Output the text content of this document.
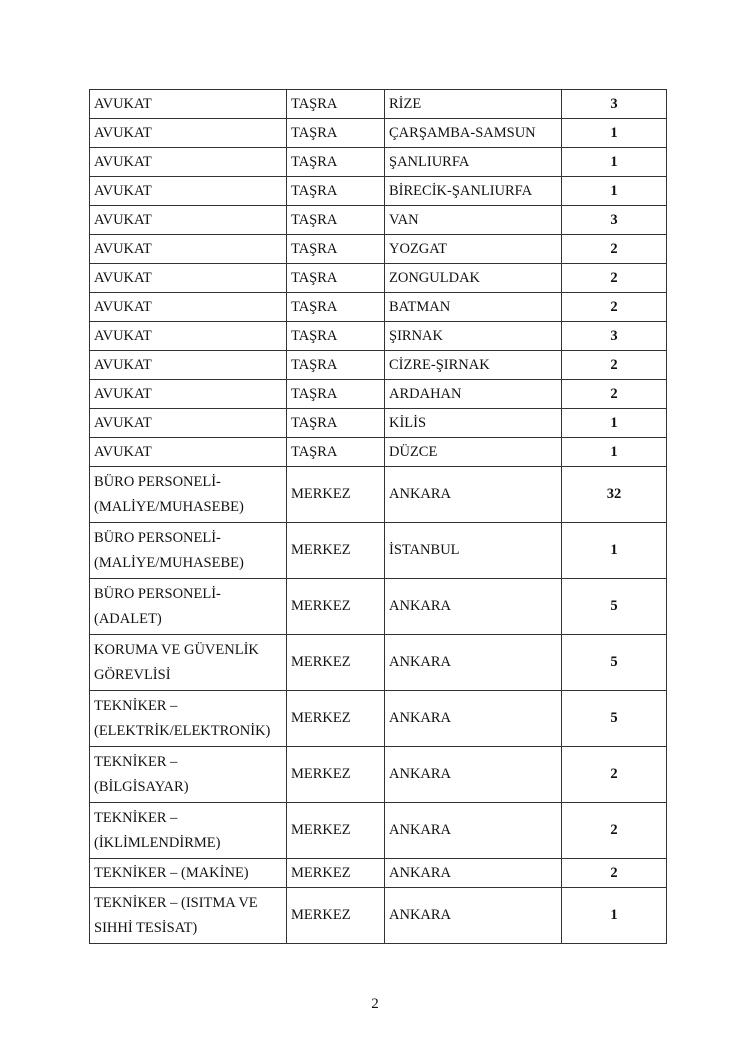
AVUKAT	TAŞRA	RİZE	3

AVUKAT	TAŞRA	ÇARŞAMBA-SAMSUN	1

AVUKAT	TAŞRA	ŞANLIURFA	1

AVUKAT	TAŞRA	BİRECİK-ŞANLIURFA	1

AVUKAT	TAŞRA	VAN	3

AVUKAT	TAŞRA	YOZGAT	2

AVUKAT	TAŞRA	ZONGULDAK	2

AVUKAT	TAŞRA	BATMAN	2

AVUKAT	TAŞRA	ŞIRNAK	3

AVUKAT	TAŞRA	CİZRE-ŞIRNAK	2

AVUKAT	TAŞRA	ARDAHAN	2

AVUKAT	TAŞRA	KİLİS	1

AVUKAT	TAŞRA	DÜZCE	1

BÜRO PERSONELİ-
(MALİYE/MUHASEBE)	MERKEZ	ANKARA	32

BÜRO PERSONELİ-
(MALİYE/MUHASEBE)	MERKEZ	İSTANBUL	1

BÜRO PERSONELİ-
(ADALET)	MERKEZ	ANKARA	5

KORUMA VE GÜVENLİK
GÖREVLİSİ	MERKEZ	ANKARA	5

TEKNİKER –
(ELEKTRİK/ELEKTRONİK)	MERKEZ	ANKARA	5

TEKNİKER –
(BİLGİSAYAR)	MERKEZ	ANKARA	2

TEKNİKER –
(İKLİMLENDİRME)	MERKEZ	ANKARA	2

TEKNİKER – (MAKİNE)	MERKEZ	ANKARA	2

TEKNİKER – (ISITMA VE
SIHHİ TESİSAT)	MERKEZ	ANKARA	1
2
